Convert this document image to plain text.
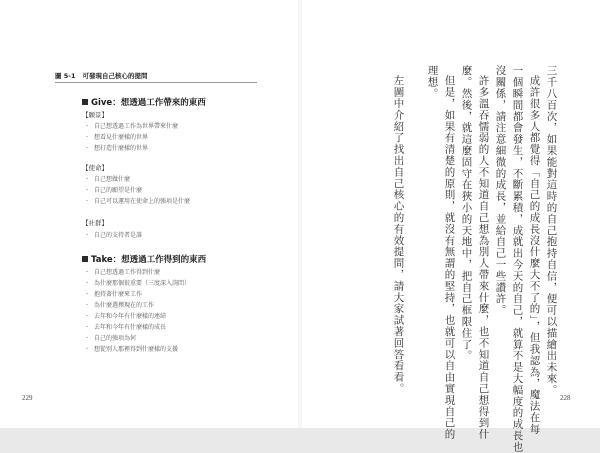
圖 5-1 可發現自己核心的提問
Give：想透過工作帶來的東西
【願景】
・ 自己想透過工作為世界帶來什麼
・ 想看見什麼樣的世界
・ 想打造什麼樣的世界
【使命】
・ 自己想做什麼
・ 自己的願望是什麼
・ 自己可以運用在使命上的強項是什麼
【社群】
・ 自己的支持者是誰
Take：想透過工作得到的東西
・ 自己想透過工作得到什麼
・ 為什麼那個很重要（三度深入詢問）
・ 抱持著什麼來工作
・ 為什麼選擇現在的工作
・ 去年和今年有什麼樣的連結
・ 去年和今年有什麼樣的成長
・ 自己的強項為何
・ 想從別人那裡得到什麼樣的支援
229
三千八百次，如果能對這時的自己抱持自信，便可以描繪出未來。
成許很多人都覺得「自己的成長沒什麼大不了的」，但我認為，魔法在每
一個瞬間都會發生，不斷累積，成就出今天的自己，就算不是大幅度的成長也
沒關係，請注意細微的成長，並給自己一些讚許。
許多溫吞懦弱的人不知道自己想為別人帶來什麼，也不知道自己想得到什
麼。然後，就這麼固守在狹小的天地中，把自己框限住了。
但是，如果有清楚的原則，就沒有無謂的堅持，也就可以自由實現自己的
理想。
左圖中介紹了找出自己核心的有效提問，請大家試著回答看看。
228
